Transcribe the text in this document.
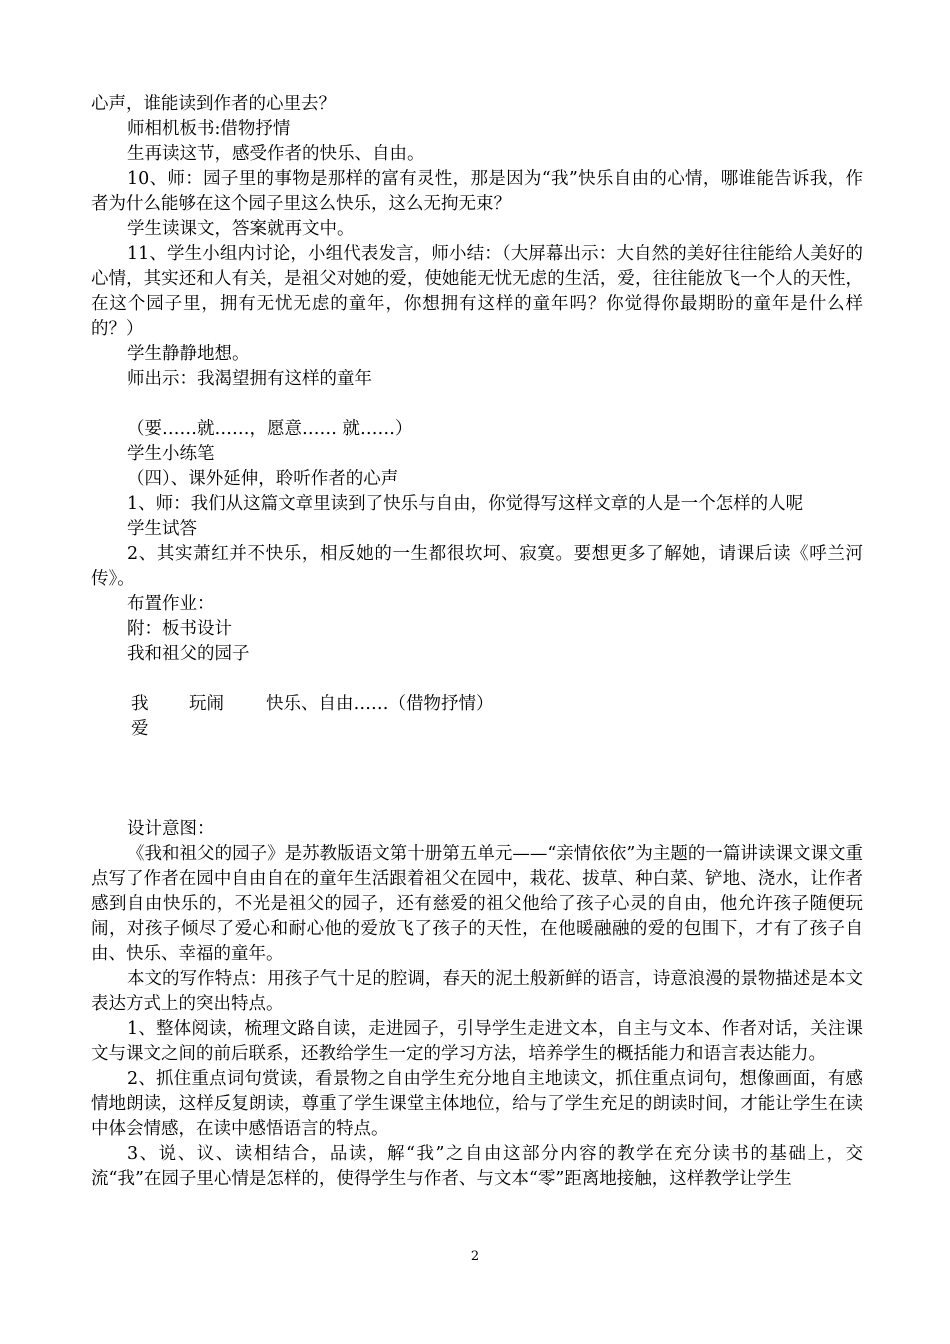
心声，谁能读到作者的心里去？

师相机板书:借物抒情

生再读这节，感受作者的快乐、自由。

10、师：园子里的事物是那样的富有灵性，那是因为“我”快乐自由的心情，哪谁能告诉我，作者为什么能够在这个园子里这么快乐，这么无拘无束？

学生读课文，答案就再文中。

11、学生小组内讨论，小组代表发言，师小结：（大屏幕出示：大自然的美好往往能给人美好的心情，其实还和人有关，是祖父对她的爱，使她能无忧无虑的生活，爱，往往能放飞一个人的天性，在这个园子里，拥有无忧无虑的童年，你想拥有这样的童年吗？你觉得你最期盼的童年是什么样的？）

学生静静地想。

师出示：我渴望拥有这样的童年

（要……就……，愿意…… 就……）

学生小练笔

（四）、课外延伸，聆听作者的心声

1、师：我们从这篇文章里读到了快乐与自由，你觉得写这样文章的人是一个怎样的人呢

学生试答

2、其实萧红并不快乐，相反她的一生都很坎坷、寂寞。要想更多了解她，请课后读《呼兰河传》。

布置作业：

附：板书设计

我和祖父的园子

我 玩闹 快乐、自由……（借物抒情）
爱

设计意图：

《我和祖父的园子》是苏教版语文第十册第五单元——“亲情依依”为主题的一篇讲读课文课文重点写了作者在园中自由自在的童年生活跟着祖父在园中，栽花、拔草、种白菜、铲地、浇水，让作者感到自由快乐的，不光是祖父的园子，还有慈爱的祖父他给了孩子心灵的自由，他允许孩子随便玩闹，对孩子倾尽了爱心和耐心他的爱放飞了孩子的天性，在他暖融融的爱的包围下，才有了孩子自由、快乐、幸福的童年。

本文的写作特点：用孩子气十足的腔调，春天的泥土般新鲜的语言，诗意浪漫的景物描述是本文表达方式上的突出特点。

1、整体阅读，梳理文路自读，走进园子，引导学生走进文本，自主与文本、作者对话，关注课文与课文之间的前后联系，还教给学生一定的学习方法，培养学生的概括能力和语言表达能力。

2、抓住重点词句赏读，看景物之自由学生充分地自主地读文，抓住重点词句，想像画面，有感情地朗读，这样反复朗读，尊重了学生课堂主体地位，给与了学生充足的朗读时间，才能让学生在读中体会情感，在读中感悟语言的特点。

3、说、议、读相结合，品读，解“我”之自由这部分内容的教学在充分读书的基础上，交流“我”在园子里心情是怎样的，使得学生与作者、与文本“零”距离地接触，这样教学让学生

2
